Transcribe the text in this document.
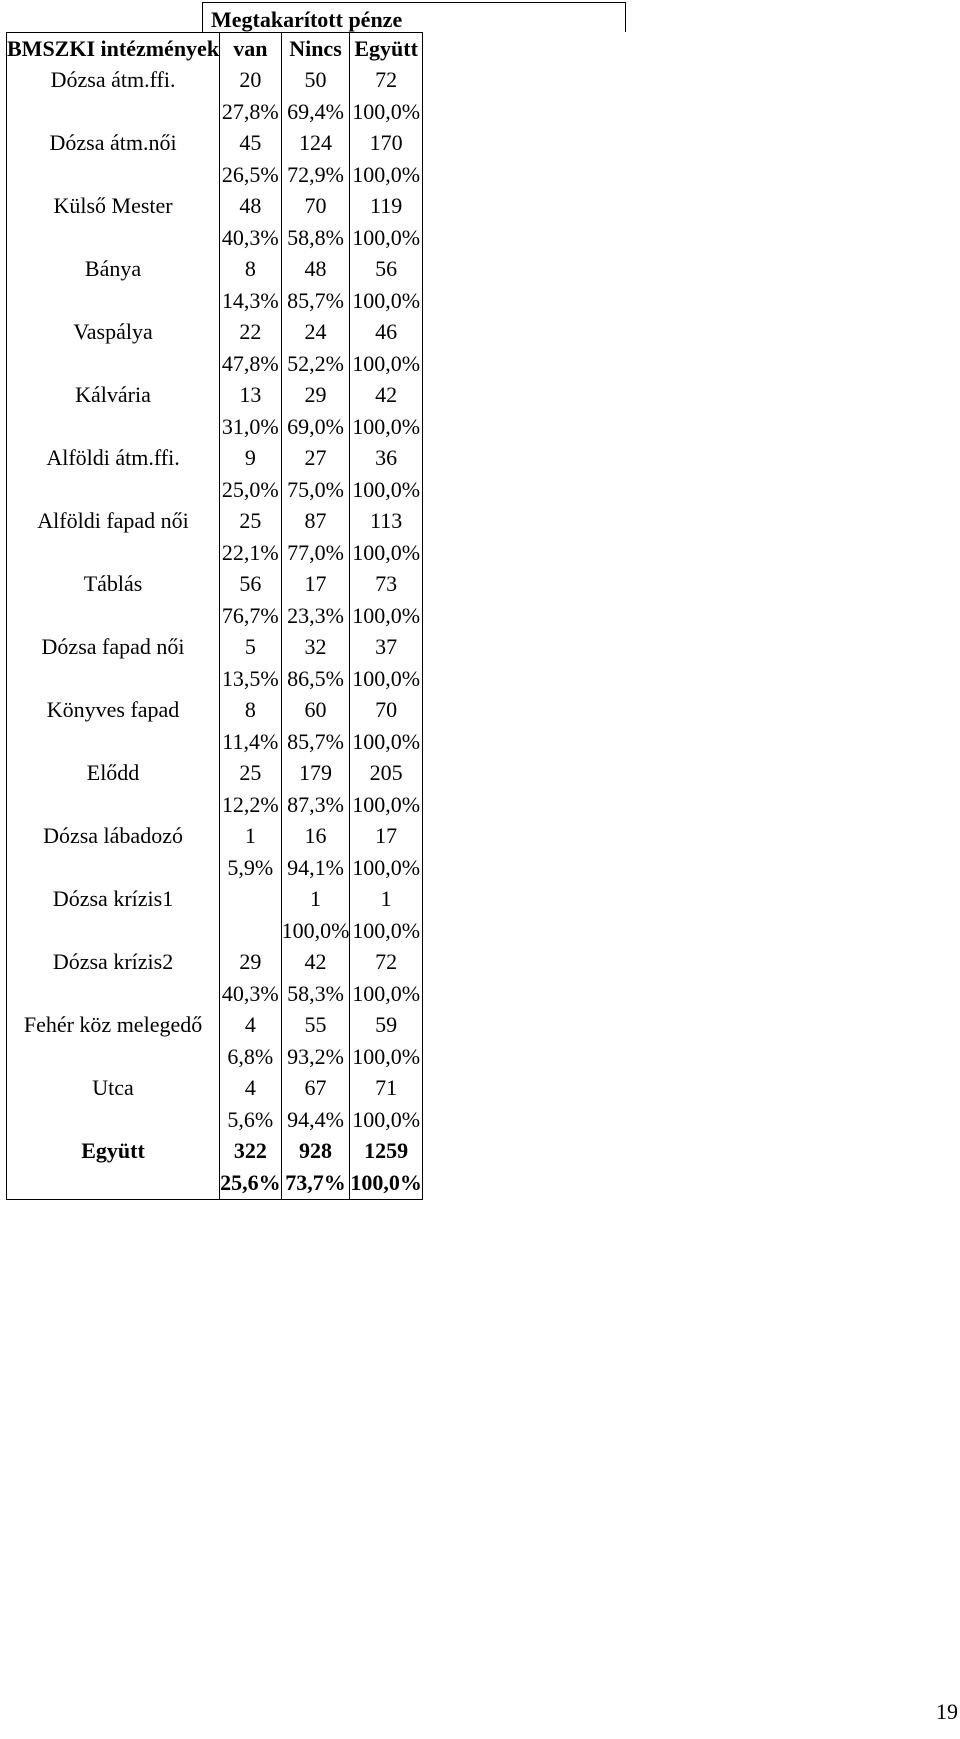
Megtakarított pénze
BMSZKI intézmények	van	Nincs	Együtt
Dózsa átm.ffi.	20	50	72
	27,8%	69,4%	100,0%
Dózsa átm.női	45	124	170
	26,5%	72,9%	100,0%
Külső Mester	48	70	119
	40,3%	58,8%	100,0%
Bánya	8	48	56
	14,3%	85,7%	100,0%
Vaspálya	22	24	46
	47,8%	52,2%	100,0%
Kálvária	13	29	42
	31,0%	69,0%	100,0%
Alföldi átm.ffi.	9	27	36
	25,0%	75,0%	100,0%
Alföldi fapad női	25	87	113
	22,1%	77,0%	100,0%
Táblás	56	17	73
	76,7%	23,3%	100,0%
Dózsa fapad női	5	32	37
	13,5%	86,5%	100,0%
Könyves fapad	8	60	70
	11,4%	85,7%	100,0%
Elődd	25	179	205
	12,2%	87,3%	100,0%
Dózsa lábadozó	1	16	17
	5,9%	94,1%	100,0%
Dózsa krízis1		1	1
		100,0%	100,0%
Dózsa krízis2	29	42	72
	40,3%	58,3%	100,0%
Fehér köz melegedő	4	55	59
	6,8%	93,2%	100,0%
Utca	4	67	71
	5,6%	94,4%	100,0%
Együtt	322	928	1259
	25,6%	73,7%	100,0%
19
